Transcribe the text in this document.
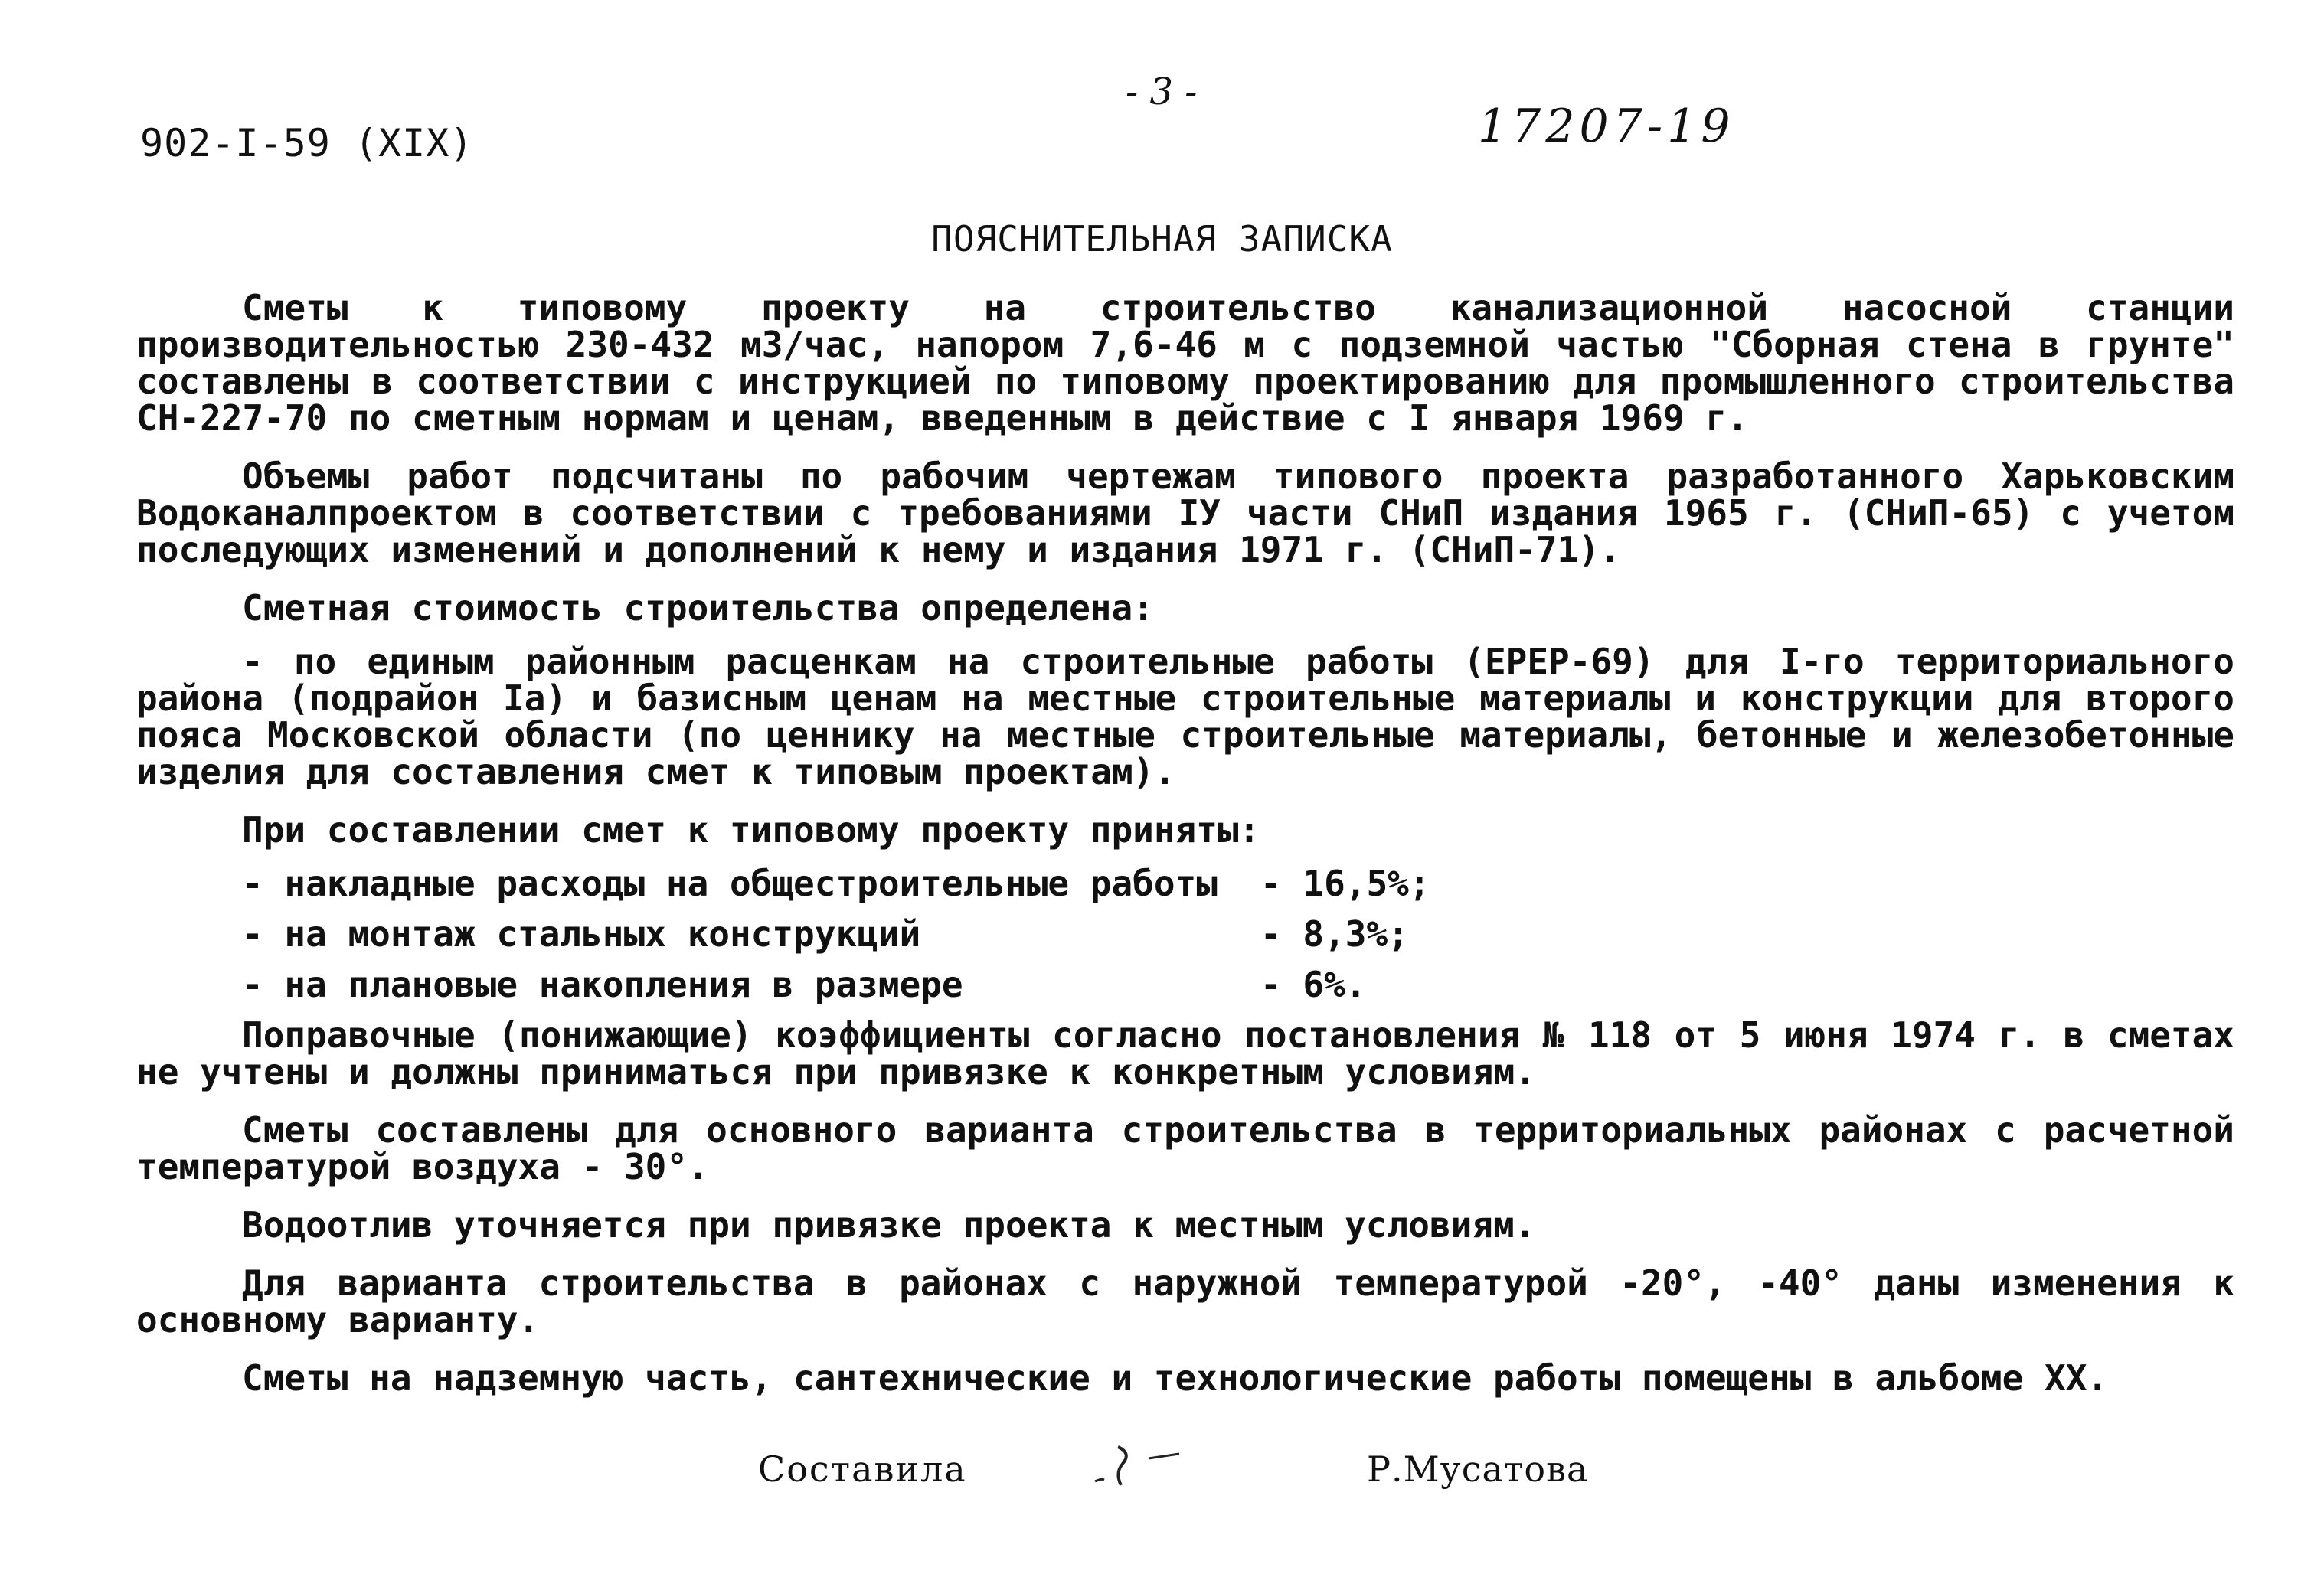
902-I-59 (XIX)
- 3 -
17207-19
ПОЯСНИТЕЛЬНАЯ ЗАПИСКА

Сметы к типовому проекту на строительство канализационной насосной станции производительностью 230-432 м3/час, напором 7,6-46 м с подземной частью "Сборная стена в грунте" составлены в соответствии с инструкцией по типовому проектированию для промышленного строительства СН-227-70 по сметным нормам и ценам, введенным в действие с I января 1969 г.

Объемы работ подсчитаны по рабочим чертежам типового проекта разработанного Харьковским Водоканалпроектом в соответствии с требованиями IУ части СНиП издания 1965 г. (СНиП-65) с учетом последующих изменений и дополнений к нему и издания 1971 г. (СНиП-71).

Сметная стоимость строительства определена:

- по единым районным расценкам на строительные работы (ЕРЕР-69) для I-го территориального района (подрайон Iа) и базисным ценам на местные строительные материалы и конструкции для второго пояса Московской области (по ценнику на местные строительные материалы, бетонные и железобетонные изделия для составления смет к типовым проектам).

При составлении смет к типовому проекту приняты:

- накладные расходы на общестроительные работы - 16,5%;
- на монтаж стальных конструкций	- 8,3%;
- на плановые накопления в размере	- 6%.

Поправочные (понижающие) коэффициенты согласно постановления № 118 от 5 июня 1974 г. в сметах не учтены и должны приниматься при привязке к конкретным условиям.

Сметы составлены для основного варианта строительства в территориальных районах с расчетной температурой воздуха - 30°.

Водоотлив уточняется при привязке проекта к местным условиям.

Для варианта строительства в районах с наружной температурой -20°, -40° даны изменения к основному варианту.

Сметы на надземную часть, сантехнические и технологические работы помещены в альбоме XX.

Составила	Р.Мусатова
